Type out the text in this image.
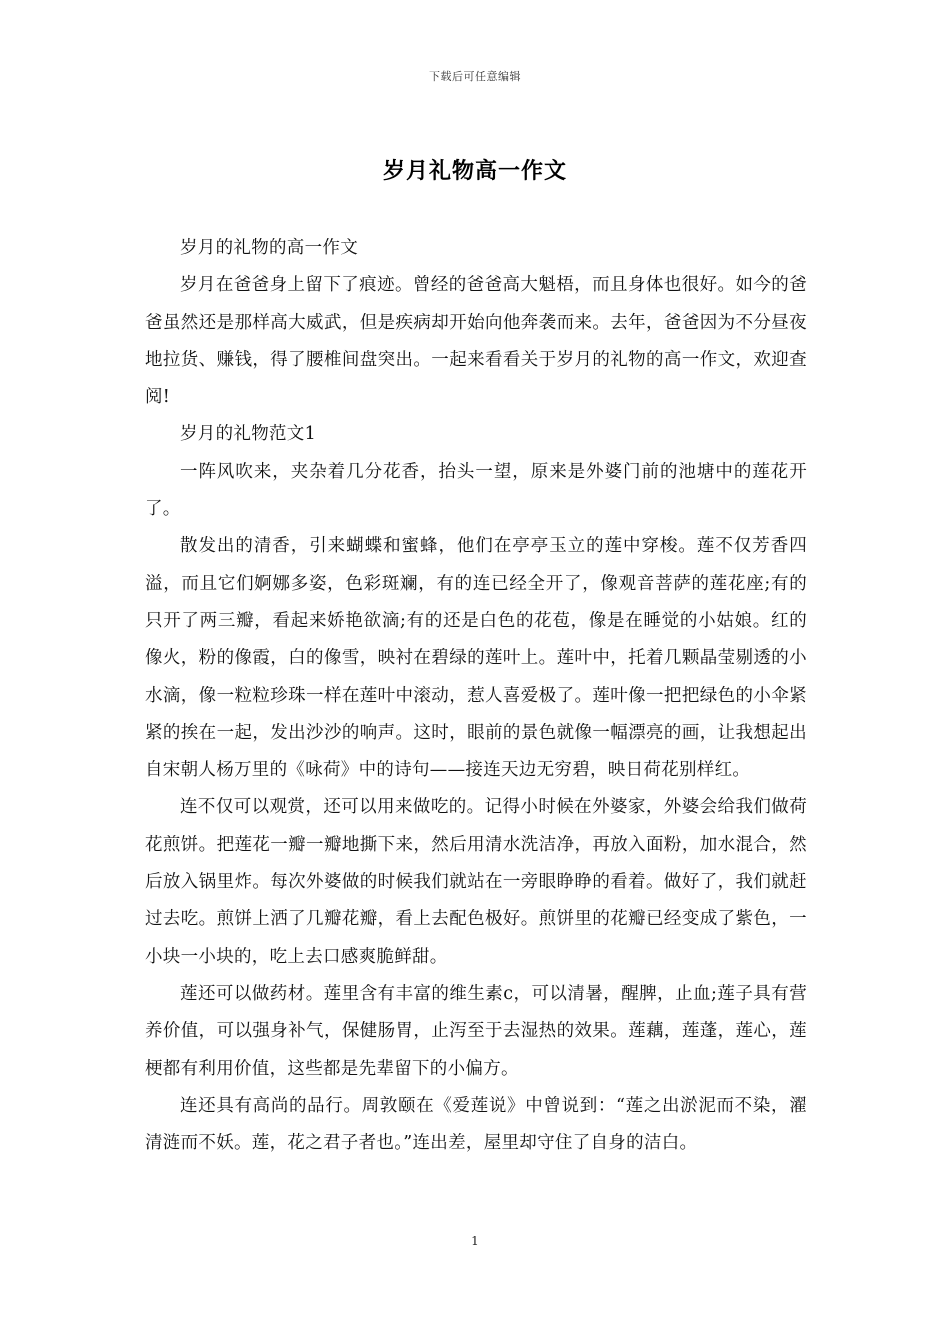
下载后可任意编辑
岁月礼物高一作文

岁月的礼物的高一作文

岁月在爸爸身上留下了痕迹。曾经的爸爸高大魁梧，而且身体也很好。如今的爸爸虽然还是那样高大威武，但是疾病却开始向他奔袭而来。去年，爸爸因为不分昼夜地拉货、赚钱，得了腰椎间盘突出。一起来看看关于岁月的礼物的高一作文，欢迎查阅!

岁月的礼物范文1

一阵风吹来，夹杂着几分花香，抬头一望，原来是外婆门前的池塘中的莲花开了。

散发出的清香，引来蝴蝶和蜜蜂，他们在亭亭玉立的莲中穿梭。莲不仅芳香四溢，而且它们婀娜多姿，色彩斑斓，有的连已经全开了，像观音菩萨的莲花座;有的只开了两三瓣，看起来娇艳欲滴;有的还是白色的花苞，像是在睡觉的小姑娘。红的像火，粉的像霞，白的像雪，映衬在碧绿的莲叶上。莲叶中，托着几颗晶莹剔透的小水滴，像一粒粒珍珠一样在莲叶中滚动，惹人喜爱极了。莲叶像一把把绿色的小伞紧紧的挨在一起，发出沙沙的响声。这时，眼前的景色就像一幅漂亮的画，让我想起出自宋朝人杨万里的《咏荷》中的诗句——接连天边无穷碧，映日荷花别样红。

连不仅可以观赏，还可以用来做吃的。记得小时候在外婆家，外婆会给我们做荷花煎饼。把莲花一瓣一瓣地撕下来，然后用清水洗洁净，再放入面粉，加水混合，然后放入锅里炸。每次外婆做的时候我们就站在一旁眼睁睁的看着。做好了，我们就赶过去吃。煎饼上洒了几瓣花瓣，看上去配色极好。煎饼里的花瓣已经变成了紫色，一小块一小块的，吃上去口感爽脆鲜甜。

莲还可以做药材。莲里含有丰富的维生素c，可以清暑，醒脾，止血;莲子具有营养价值，可以强身补气，保健肠胃，止泻至于去湿热的效果。莲藕，莲蓬，莲心，莲梗都有利用价值，这些都是先辈留下的小偏方。

连还具有高尚的品行。周敦颐在《爱莲说》中曾说到：“莲之出淤泥而不染，濯清涟而不妖。莲，花之君子者也。”连出差，屋里却守住了自身的洁白。

1
